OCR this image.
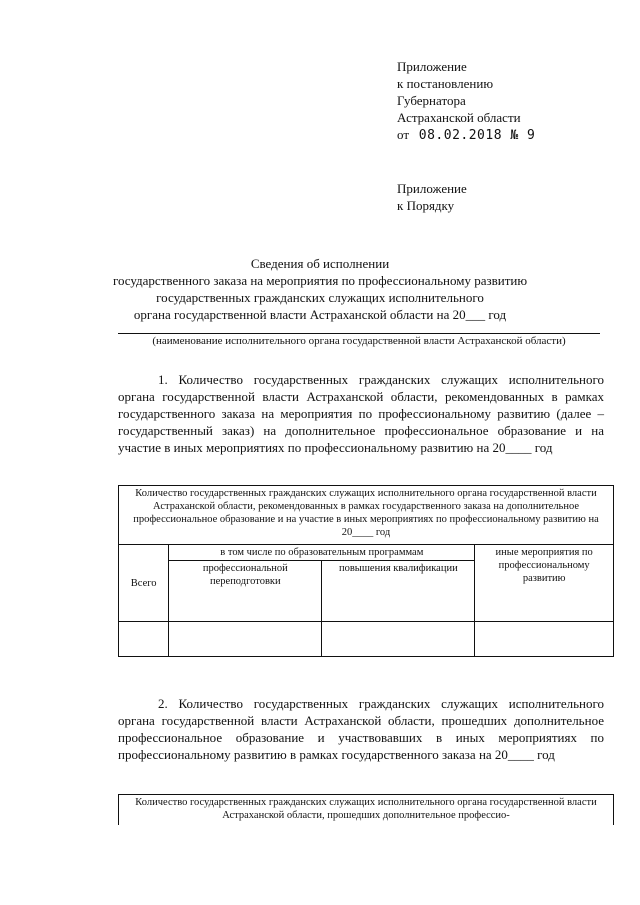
Приложение
к постановлению
Губернатора
Астраханской области
от 08.02.2018 № 9
Приложение
к Порядку
Сведения об исполнении
государственного заказа на мероприятия по профессиональному развитию
государственных гражданских служащих исполнительного
органа государственной власти Астраханской области на 20___ год
(наименование исполнительного органа государственной власти Астраханской области)
1. Количество государственных гражданских служащих исполнительного органа государственной власти Астраханской области, рекомендованных в рамках государственного заказа на мероприятия по профессиональному развитию (далее – государственный заказ) на дополнительное профессиональное образование и на участие в иных мероприятиях по профессиональному развитию на 20____ год
Количество государственных гражданских служащих исполнительного органа государственной власти Астраханской области, рекомендованных в рамках государственного заказа на дополнительное профессиональное образование и на участие в иных мероприятиях по профессиональному развитию на 20____ год			
Всего	в том числе по образовательным программам		иные мероприятия по профессиональному развитию
	профессиональной переподготовки	повышения квалификации	

2. Количество государственных гражданских служащих исполнительного органа государственной власти Астраханской области, прошедших дополнительное профессиональное образование и участвовавших в иных мероприятиях по профессиональному развитию в рамках государственного заказа на 20____ год
Количество государственных гражданских служащих исполнительного органа государственной власти Астраханской области, прошедших дополнительное профессио-
